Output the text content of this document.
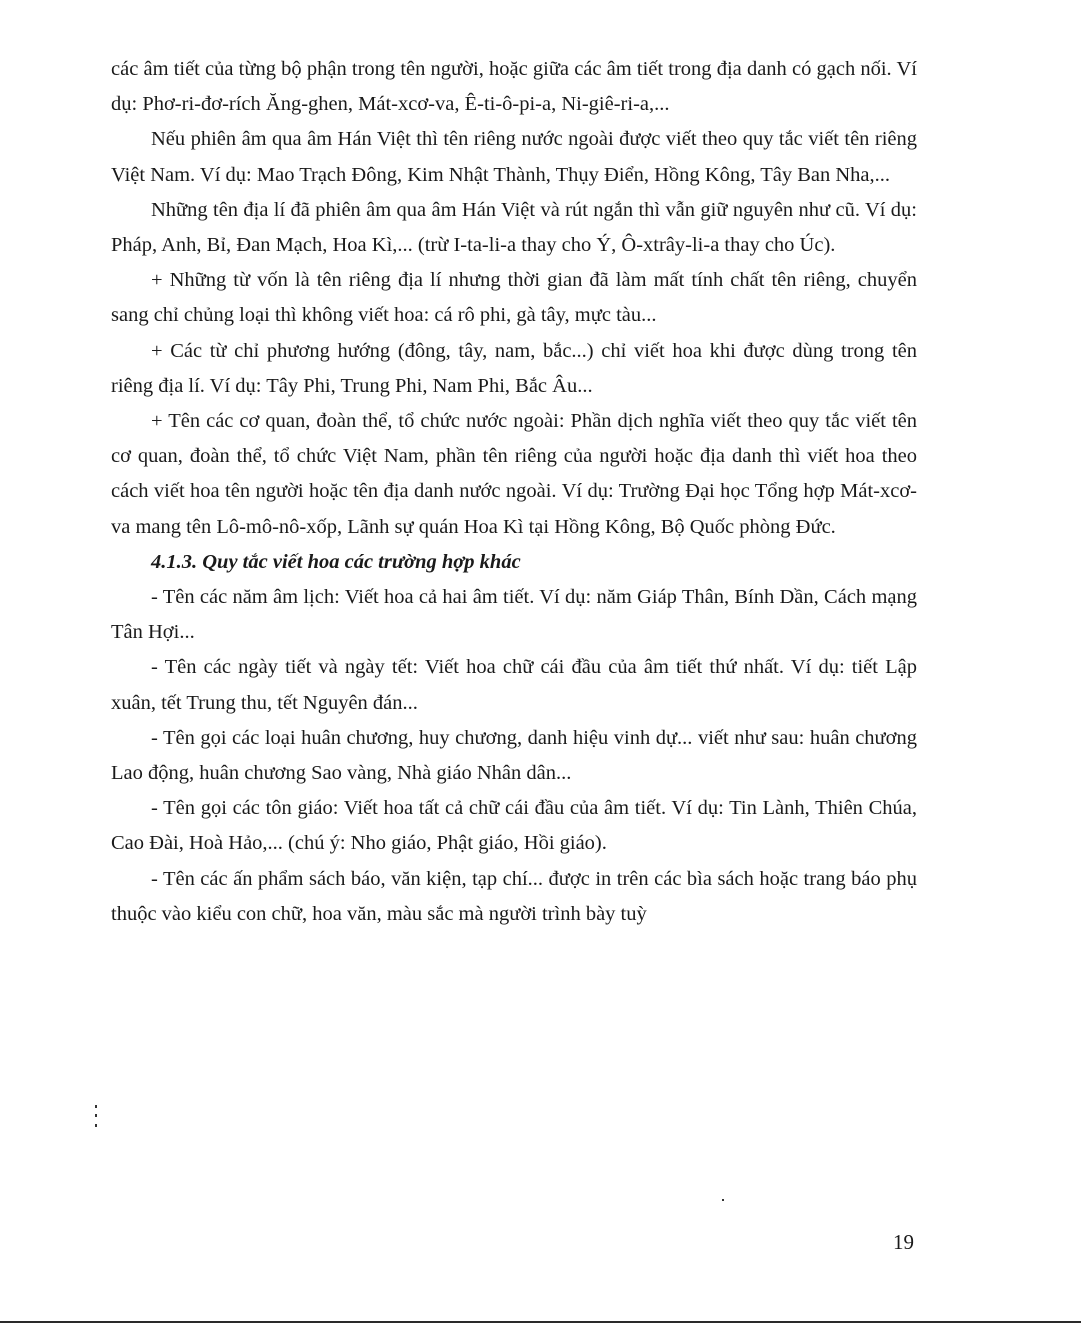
các âm tiết của từng bộ phận trong tên người, hoặc giữa các âm tiết trong địa danh có gạch nối. Ví dụ: Phơ-ri-đơ-rích Ăng-ghen, Mát-xcơ-va, Ê-ti-ô-pi-a, Ni-giê-ri-a,...

Nếu phiên âm qua âm Hán Việt thì tên riêng nước ngoài được viết theo quy tắc viết tên riêng Việt Nam. Ví dụ: Mao Trạch Đông, Kim Nhật Thành, Thụy Điển, Hồng Kông, Tây Ban Nha,...

Những tên địa lí đã phiên âm qua âm Hán Việt và rút ngắn thì vẫn giữ nguyên như cũ. Ví dụ: Pháp, Anh, Bỉ, Đan Mạch, Hoa Kì,... (trừ I-ta-li-a thay cho Ý, Ô-xtrây-li-a thay cho Úc).

+ Những từ vốn là tên riêng địa lí nhưng thời gian đã làm mất tính chất tên riêng, chuyển sang chỉ chủng loại thì không viết hoa: cá rô phi, gà tây, mực tàu...

+ Các từ chỉ phương hướng (đông, tây, nam, bắc...) chỉ viết hoa khi được dùng trong tên riêng địa lí. Ví dụ: Tây Phi, Trung Phi, Nam Phi, Bắc Âu...

+ Tên các cơ quan, đoàn thể, tổ chức nước ngoài: Phần dịch nghĩa viết theo quy tắc viết tên cơ quan, đoàn thể, tổ chức Việt Nam, phần tên riêng của người hoặc địa danh thì viết hoa theo cách viết hoa tên người hoặc tên địa danh nước ngoài. Ví dụ: Trường Đại học Tổng hợp Mát-xcơ-va mang tên Lô-mô-nô-xốp, Lãnh sự quán Hoa Kì tại Hồng Kông, Bộ Quốc phòng Đức.

4.1.3. Quy tắc viết hoa các trường hợp khác

- Tên các năm âm lịch: Viết hoa cả hai âm tiết. Ví dụ: năm Giáp Thân, Bính Dần, Cách mạng Tân Hợi...

- Tên các ngày tiết và ngày tết: Viết hoa chữ cái đầu của âm tiết thứ nhất. Ví dụ: tiết Lập xuân, tết Trung thu, tết Nguyên đán...

- Tên gọi các loại huân chương, huy chương, danh hiệu vinh dự... viết như sau: huân chương Lao động, huân chương Sao vàng, Nhà giáo Nhân dân...

- Tên gọi các tôn giáo: Viết hoa tất cả chữ cái đầu của âm tiết. Ví dụ: Tin Lành, Thiên Chúa, Cao Đài, Hoà Hảo,... (chú ý: Nho giáo, Phật giáo, Hồi giáo).

- Tên các ấn phẩm sách báo, văn kiện, tạp chí... được in trên các bìa sách hoặc trang báo phụ thuộc vào kiểu con chữ, hoa văn, màu sắc mà người trình bày tuỳ

19
